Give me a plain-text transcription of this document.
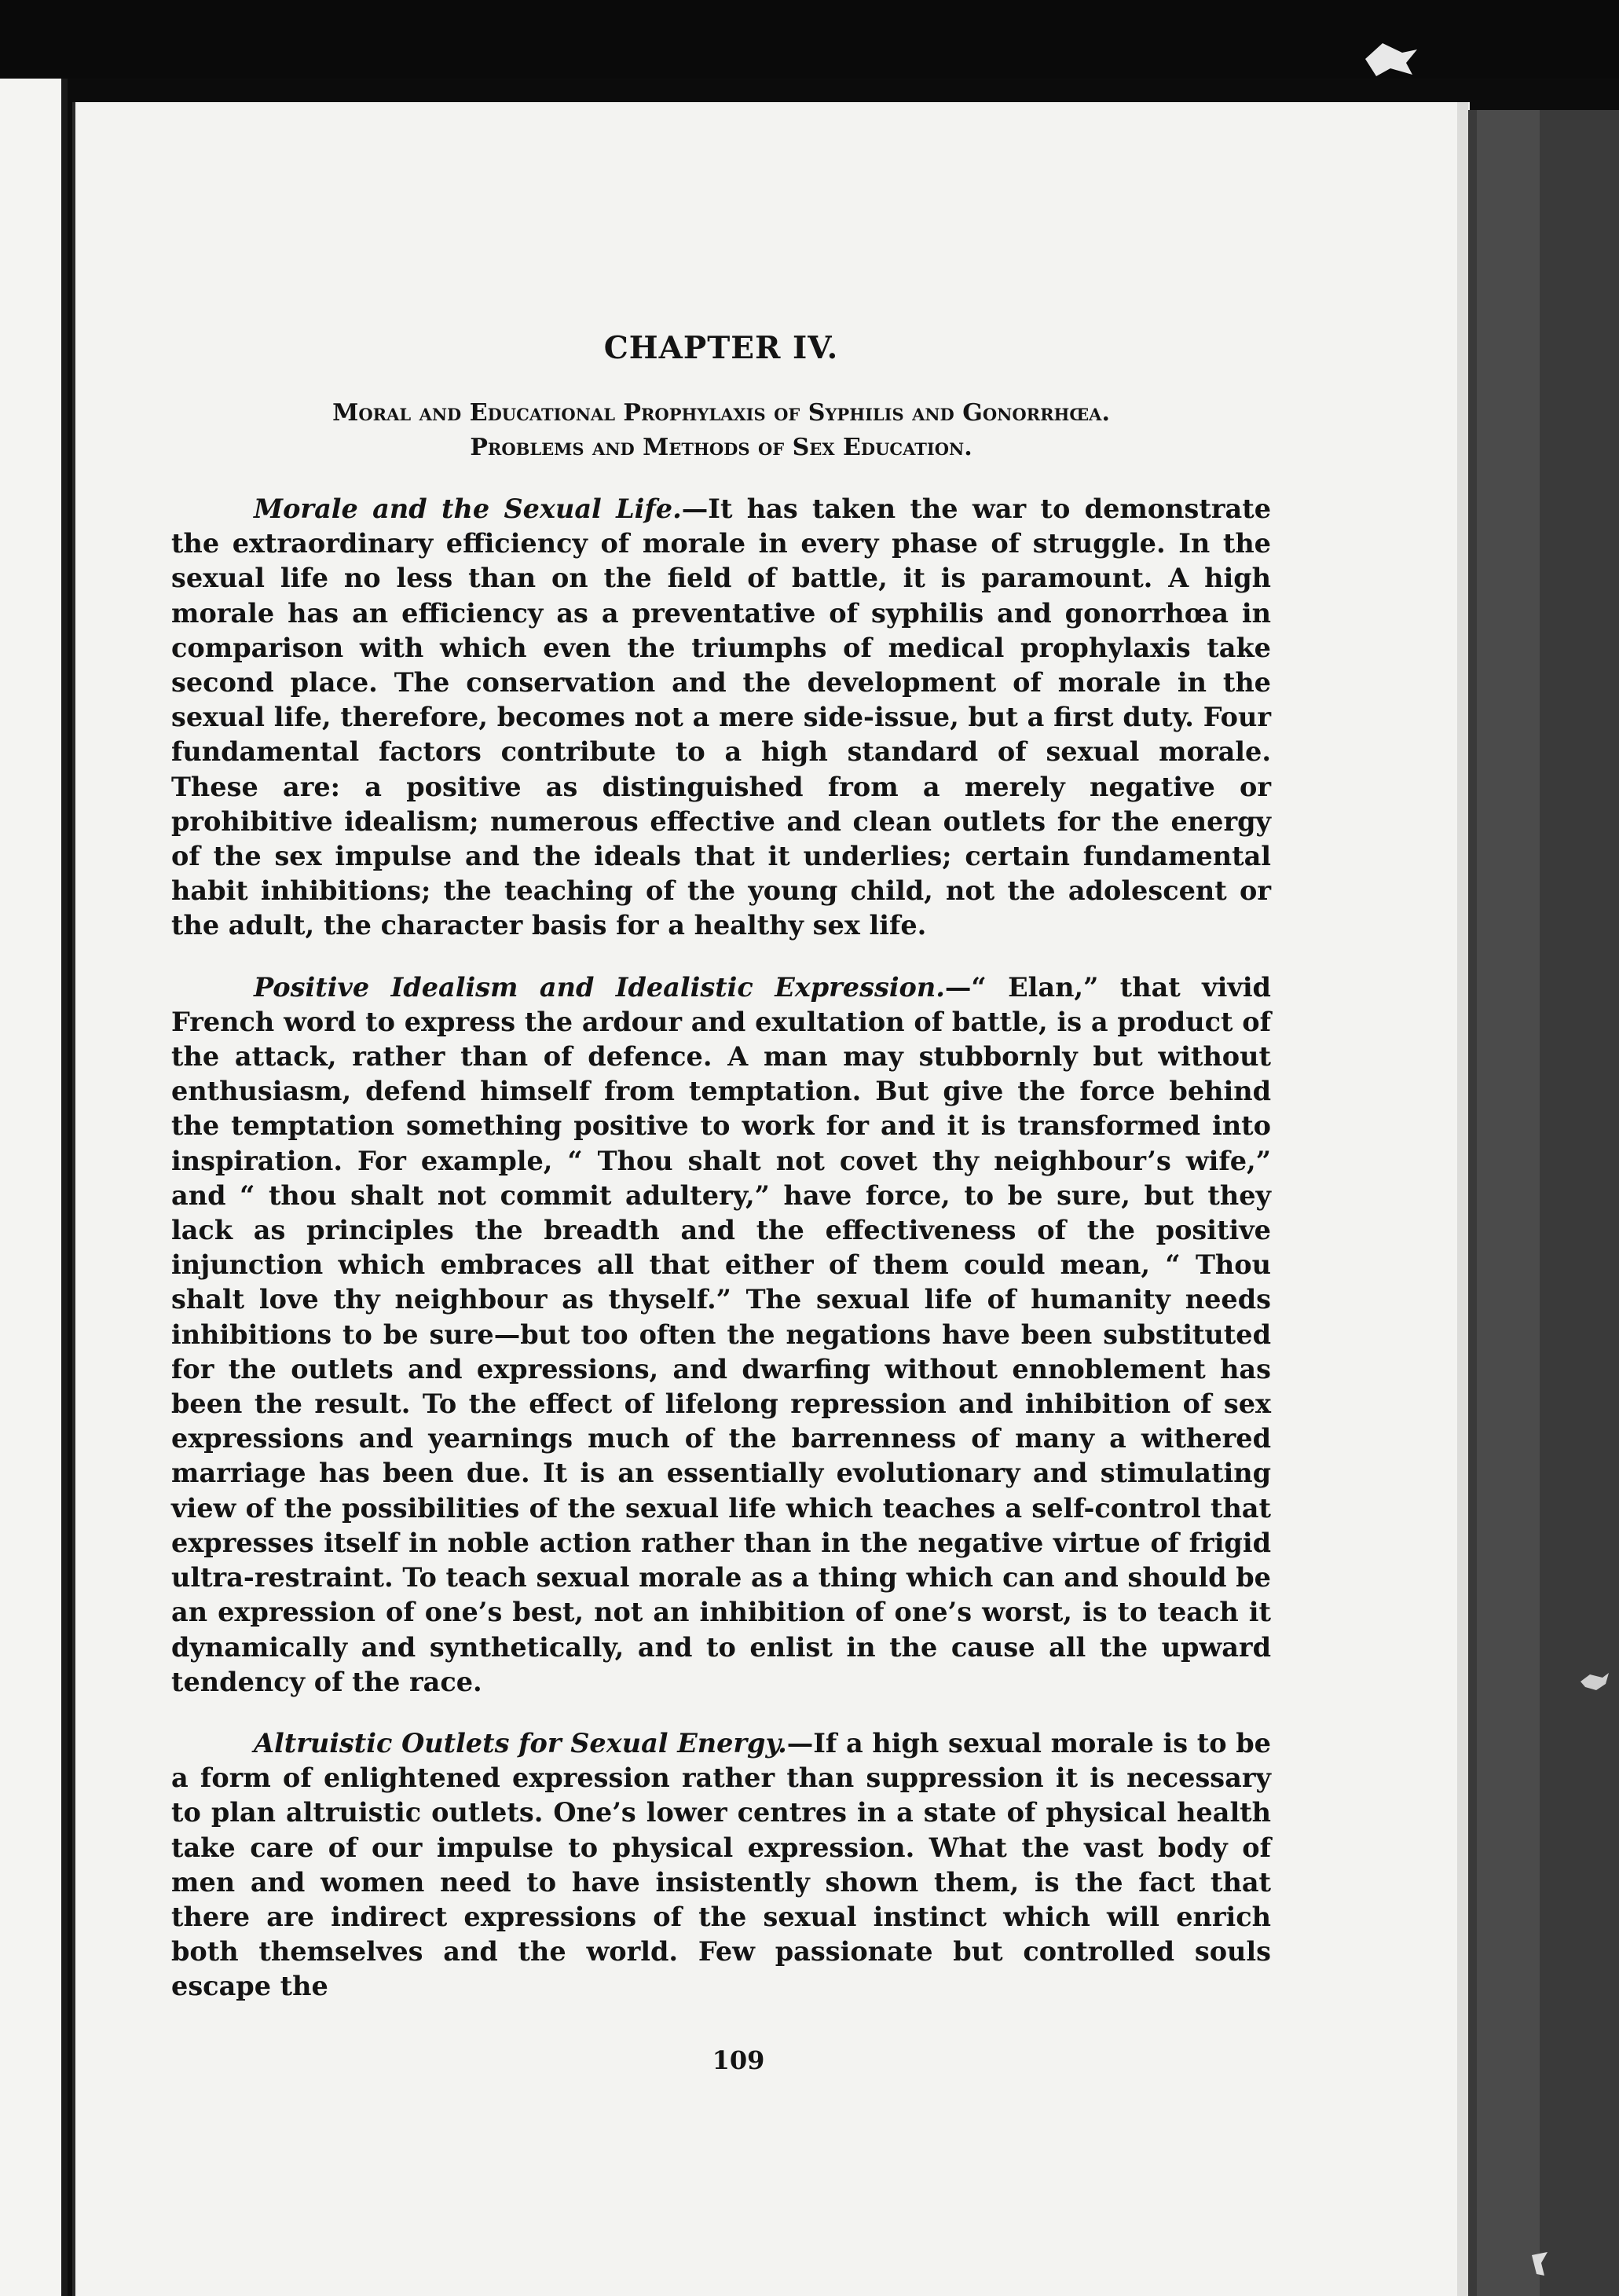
CHAPTER IV.
Moral and Educational Prophylaxis of Syphilis and Gonorrhœa.
Problems and Methods of Sex Education.

Morale and the Sexual Life.—It has taken the war to demonstrate the extraordinary efficiency of morale in every phase of struggle. In the sexual life no less than on the field of battle, it is paramount. A high morale has an efficiency as a preventative of syphilis and gonorrhœa in comparison with which even the triumphs of medical prophylaxis take second place. The conservation and the development of morale in the sexual life, therefore, becomes not a mere side-issue, but a first duty. Four fundamental factors contribute to a high standard of sexual morale. These are: a positive as distinguished from a merely negative or prohibitive idealism; numerous effective and clean outlets for the energy of the sex impulse and the ideals that it underlies; certain fundamental habit inhibitions; the teaching of the young child, not the adolescent or the adult, the character basis for a healthy sex life.

Positive Idealism and Idealistic Expression.—“ Elan,” that vivid French word to express the ardour and exultation of battle, is a product of the attack, rather than of defence. A man may stubbornly but without enthusiasm, defend himself from temptation. But give the force behind the temptation something positive to work for and it is transformed into inspiration. For example, “ Thou shalt not covet thy neighbour’s wife,” and “ thou shalt not commit adultery,” have force, to be sure, but they lack as principles the breadth and the effectiveness of the positive injunction which embraces all that either of them could mean, “ Thou shalt love thy neighbour as thyself.” The sexual life of humanity needs inhibitions to be sure—but too often the negations have been substituted for the outlets and expressions, and dwarfing without ennoblement has been the result. To the effect of lifelong repression and inhibition of sex expressions and yearnings much of the barrenness of many a withered marriage has been due. It is an essentially evolutionary and stimulating view of the possibilities of the sexual life which teaches a self-control that expresses itself in noble action rather than in the negative virtue of frigid ultra-restraint. To teach sexual morale as a thing which can and should be an expression of one’s best, not an inhibition of one’s worst, is to teach it dynamically and synthetically, and to enlist in the cause all the upward tendency of the race.

Altruistic Outlets for Sexual Energy.—If a high sexual morale is to be a form of enlightened expression rather than suppression it is necessary to plan altruistic outlets. One’s lower centres in a state of physical health take care of our impulse to physical expression. What the vast body of men and women need to have insistently shown them, is the fact that there are indirect expressions of the sexual instinct which will enrich both themselves and the world. Few passionate but controlled souls escape the

109
